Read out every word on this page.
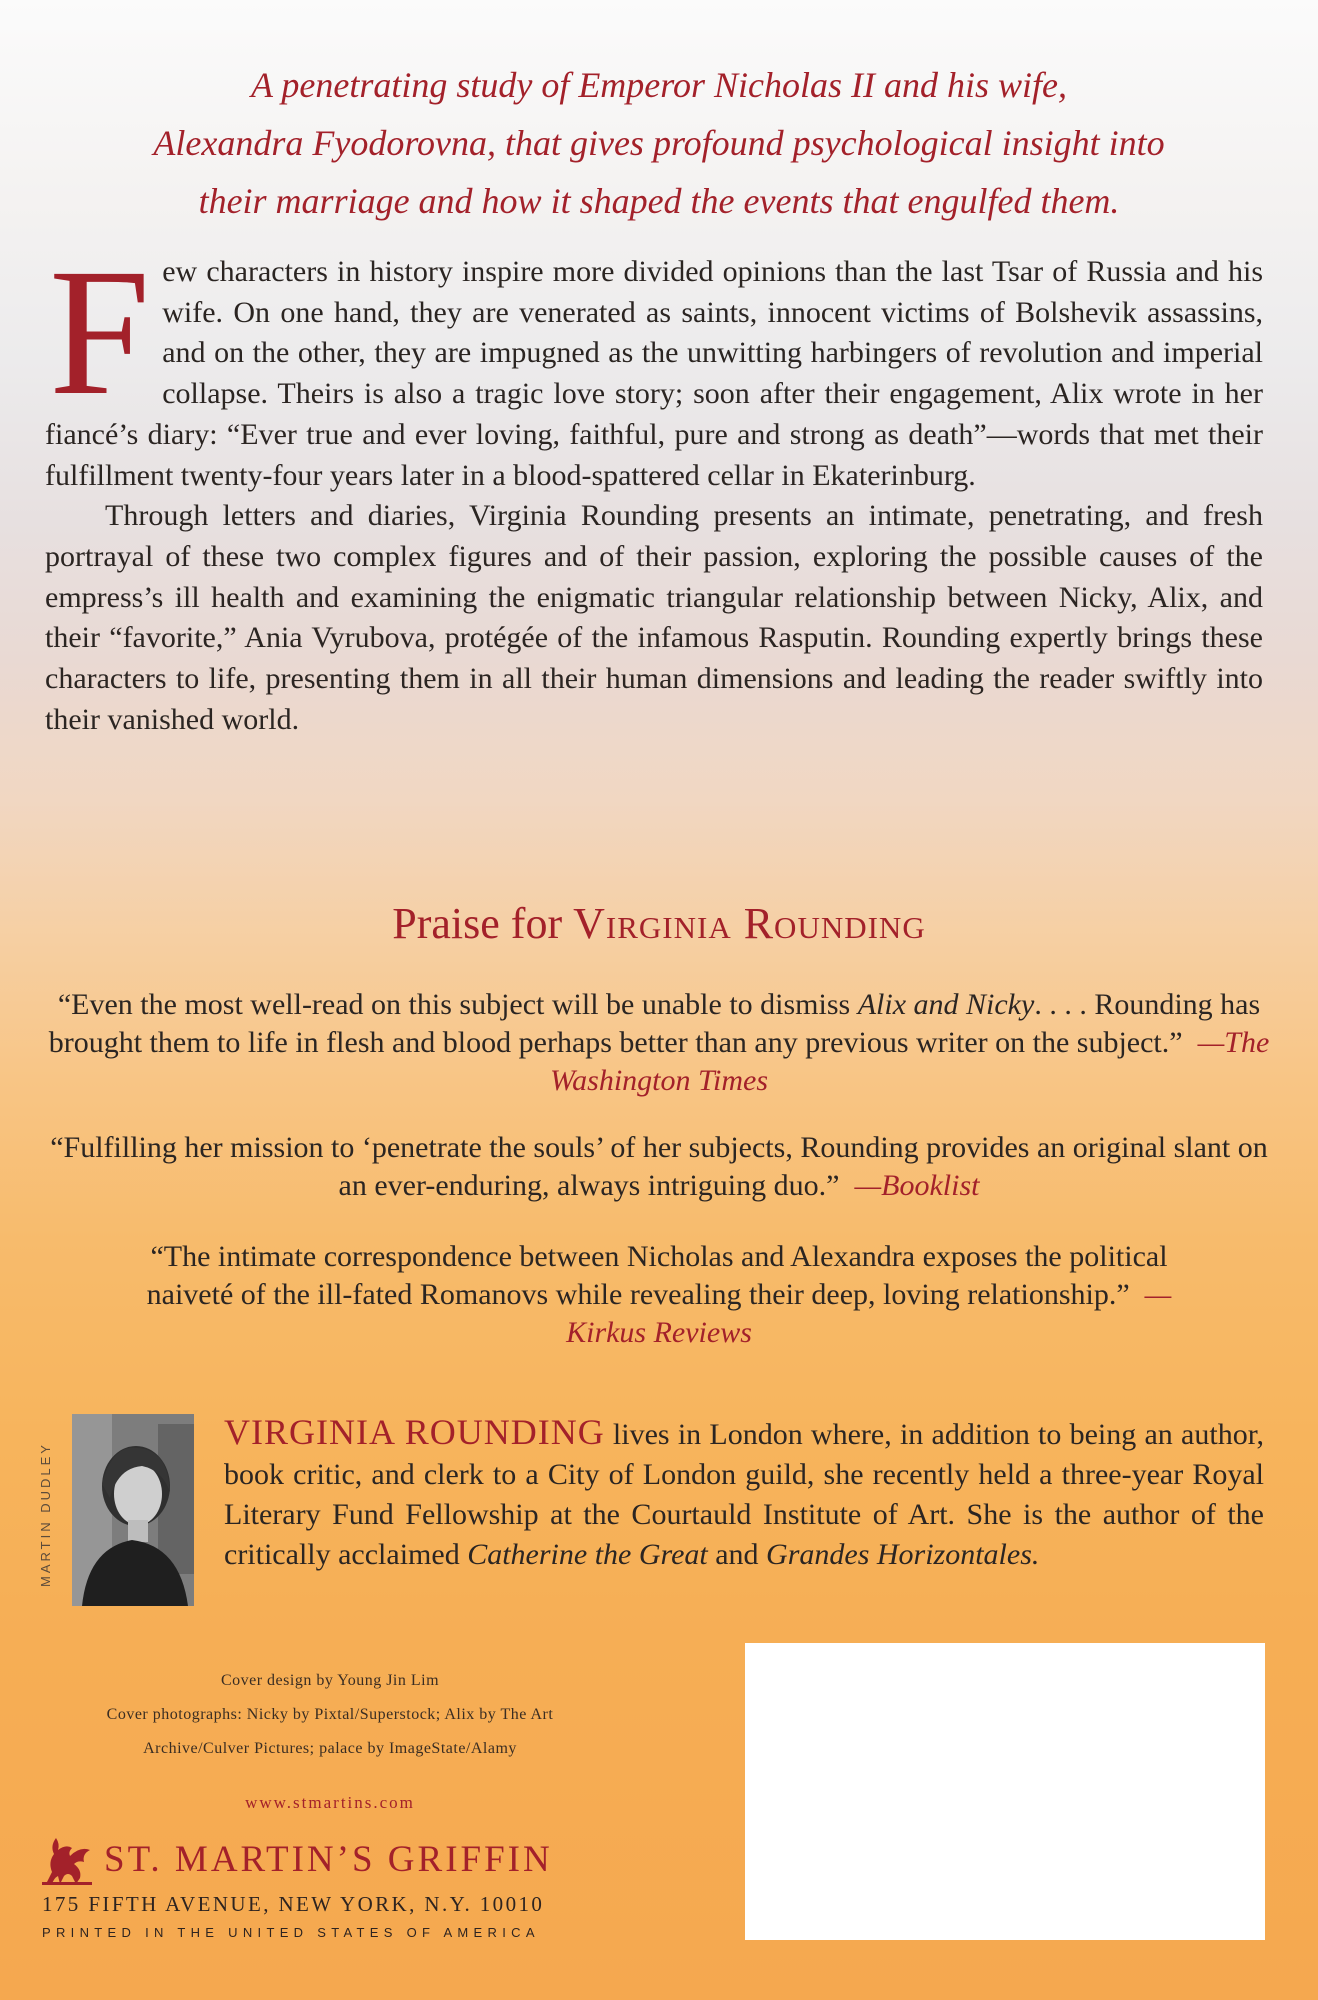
A penetrating study of Emperor Nicholas II and his wife,
Alexandra Fyodorovna, that gives profound psychological insight into
their marriage and how it shaped the events that engulfed them.

Few characters in history inspire more divided opinions than the last Tsar of Russia and his wife. On one hand, they are venerated as saints, innocent victims of Bolshevik assassins, and on the other, they are impugned as the unwitting harbingers of revolution and imperial collapse. Theirs is also a tragic love story; soon after their engagement, Alix wrote in her fiancé’s diary: “Ever true and ever loving, faithful, pure and strong as death”—words that met their fulfillment twenty-four years later in a blood-spattered cellar in Ekaterinburg.

Through letters and diaries, Virginia Rounding presents an intimate, penetrating, and fresh portrayal of these two complex figures and of their passion, exploring the possible causes of the empress’s ill health and examining the enigmatic triangular relationship between Nicky, Alix, and their “favorite,” Ania Vyrubova, protégée of the infamous Rasputin. Rounding expertly brings these characters to life, presenting them in all their human dimensions and leading the reader swiftly into their vanished world.

Praise for Virginia Rounding
“Even the most well-read on this subject will be unable to dismiss Alix and Nicky. . . . Rounding has brought them to life in flesh and blood perhaps better than any previous writer on the subject.” —The Washington Times
“Fulfilling her mission to ‘penetrate the souls’ of her subjects, Rounding provides an original slant on an ever-enduring, always intriguing duo.” —Booklist
“The intimate correspondence between Nicholas and Alexandra exposes the political naiveté of the ill-fated Romanovs while revealing their deep, loving relationship.” —Kirkus Reviews
MARTIN DUDLEY
VIRGINIA ROUNDING lives in London where, in addition to being an author, book critic, and clerk to a City of London guild, she recently held a three-year Royal Literary Fund Fellowship at the Courtauld Institute of Art. She is the author of the critically acclaimed Catherine the Great and Grandes Horizontales.
Cover design by Young Jin Lim
Cover photographs: Nicky by Pixtal/Superstock; Alix by The Art
Archive/Culver Pictures; palace by ImageState/Alamy
www.stmartins.com
ST. MARTIN’S GRIFFIN
175 FIFTH AVENUE, NEW YORK, N.Y. 10010
PRINTED IN THE UNITED STATES OF AMERICA
